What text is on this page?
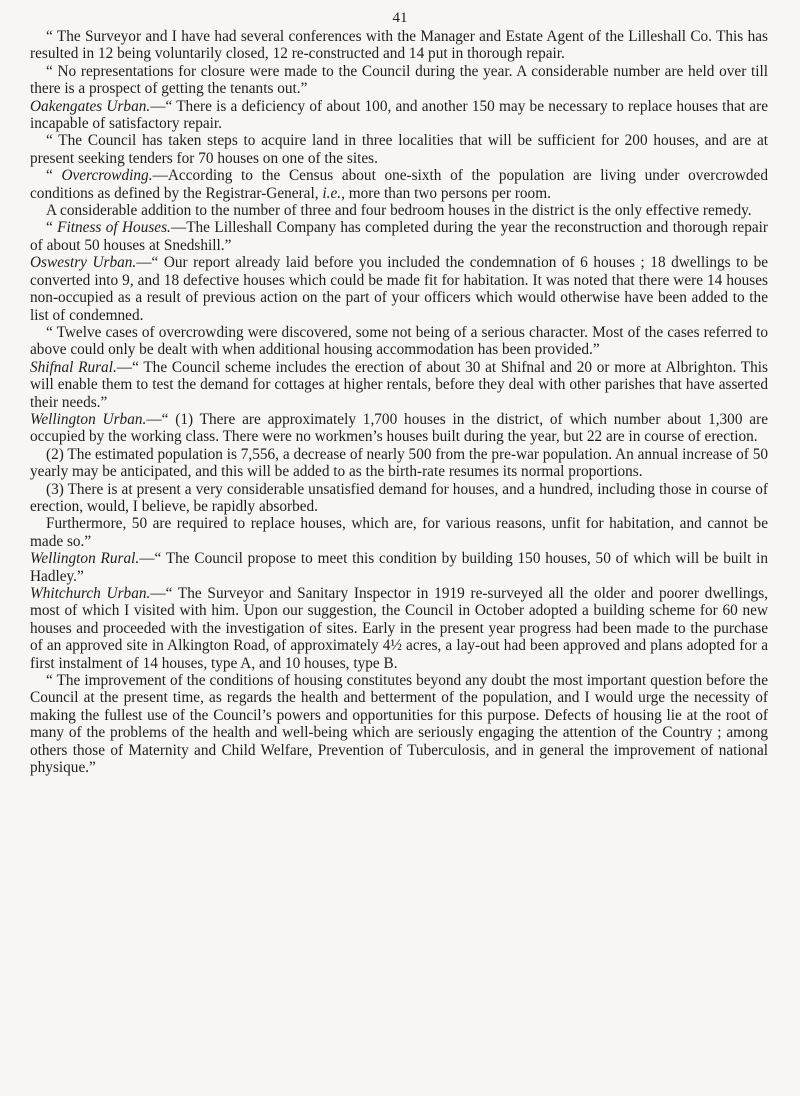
41

“ The Surveyor and I have had several conferences with the Manager and Estate Agent of the Lilleshall Co. This has resulted in 12 being voluntarily closed, 12 re-constructed and 14 put in thorough repair.

“ No representations for closure were made to the Council during the year. A considerable number are held over till there is a prospect of getting the tenants out.”

Oakengates Urban.—“ There is a deficiency of about 100, and another 150 may be necessary to replace houses that are incapable of satisfactory repair.

“ The Council has taken steps to acquire land in three localities that will be sufficient for 200 houses, and are at present seeking tenders for 70 houses on one of the sites.

“ Overcrowding.—According to the Census about one-sixth of the population are living under overcrowded conditions as defined by the Registrar-General, i.e., more than two persons per room.

A considerable addition to the number of three and four bedroom houses in the district is the only effective remedy.

“ Fitness of Houses.—The Lilleshall Company has completed during the year the reconstruction and thorough repair of about 50 houses at Snedshill.”

Oswestry Urban.—“ Our report already laid before you included the condemnation of 6 houses ; 18 dwellings to be converted into 9, and 18 defective houses which could be made fit for habitation. It was noted that there were 14 houses non-occupied as a result of previous action on the part of your officers which would otherwise have been added to the list of condemned.

“ Twelve cases of overcrowding were discovered, some not being of a serious character. Most of the cases referred to above could only be dealt with when additional housing accommodation has been provided.”

Shifnal Rural.—“ The Council scheme includes the erection of about 30 at Shifnal and 20 or more at Albrighton. This will enable them to test the demand for cottages at higher rentals, before they deal with other parishes that have asserted their needs.”

Wellington Urban.—“ (1) There are approximately 1,700 houses in the district, of which number about 1,300 are occupied by the working class. There were no workmen’s houses built during the year, but 22 are in course of erection.

(2) The estimated population is 7,556, a decrease of nearly 500 from the pre-war population. An annual increase of 50 yearly may be anticipated, and this will be added to as the birth-rate resumes its normal proportions.

(3) There is at present a very considerable unsatisfied demand for houses, and a hundred, including those in course of erection, would, I believe, be rapidly absorbed.

Furthermore, 50 are required to replace houses, which are, for various reasons, unfit for habitation, and cannot be made so.”

Wellington Rural.—“ The Council propose to meet this condition by building 150 houses, 50 of which will be built in Hadley.”

Whitchurch Urban.—“ The Surveyor and Sanitary Inspector in 1919 re-surveyed all the older and poorer dwellings, most of which I visited with him. Upon our suggestion, the Council in October adopted a building scheme for 60 new houses and proceeded with the investigation of sites. Early in the present year progress had been made to the purchase of an approved site in Alkington Road, of approximately 4½ acres, a lay-out had been approved and plans adopted for a first instalment of 14 houses, type A, and 10 houses, type B.

“ The improvement of the conditions of housing constitutes beyond any doubt the most important question before the Council at the present time, as regards the health and betterment of the population, and I would urge the necessity of making the fullest use of the Council’s powers and opportunities for this purpose. Defects of housing lie at the root of many of the problems of the health and well-being which are seriously engaging the attention of the Country ; among others those of Maternity and Child Welfare, Prevention of Tuberculosis, and in general the improvement of national physique.”
